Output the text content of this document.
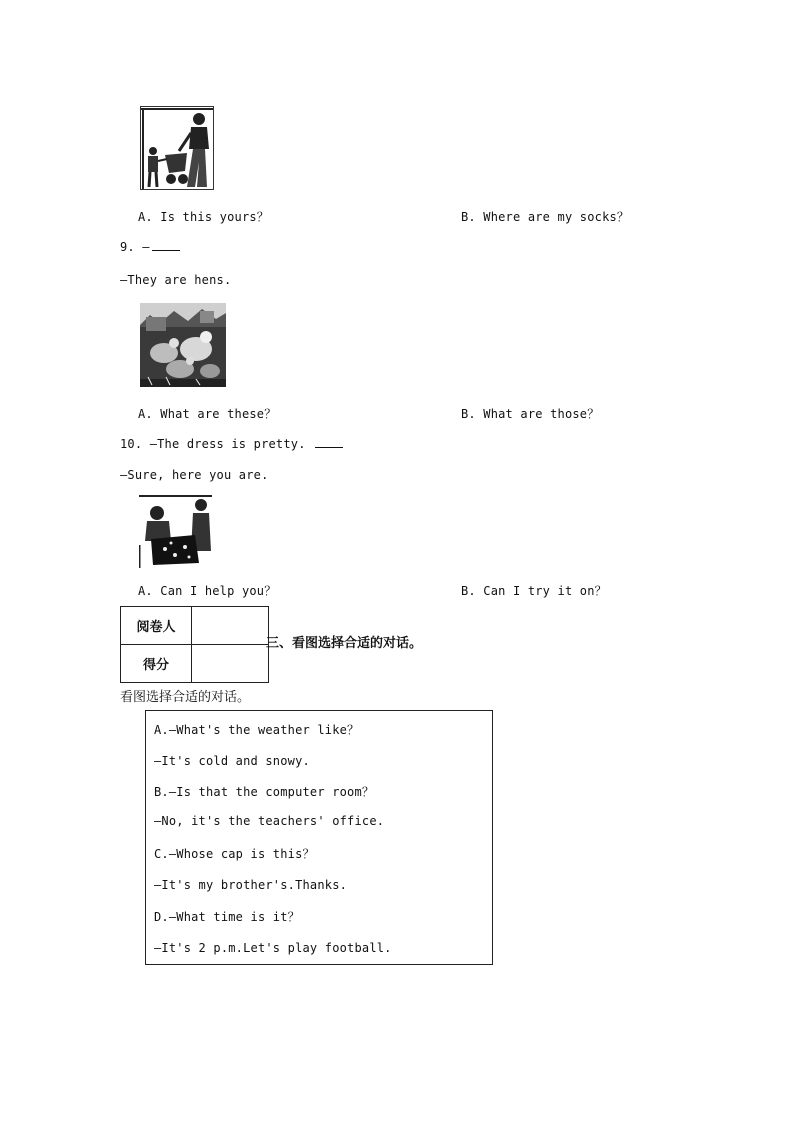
A. Is this yours？	B. Where are my socks？
9. —
—They are hens.
A. What are these？	B. What are those？
10. —The dress is pretty.
—Sure, here you are.
A. Can I help you？	B. Can I try it on？
阅卷人	
得分	
三、看图选择合适的对话。
看图选择合适的对话。
A.—What's the weather like？
—It's cold and snowy.
B.—Is that the computer room？
—No, it's the teachers' office.
C.—Whose cap is this？
—It's my brother's.Thanks.
D.—What time is it？
—It's 2 p.m.Let's play football.
